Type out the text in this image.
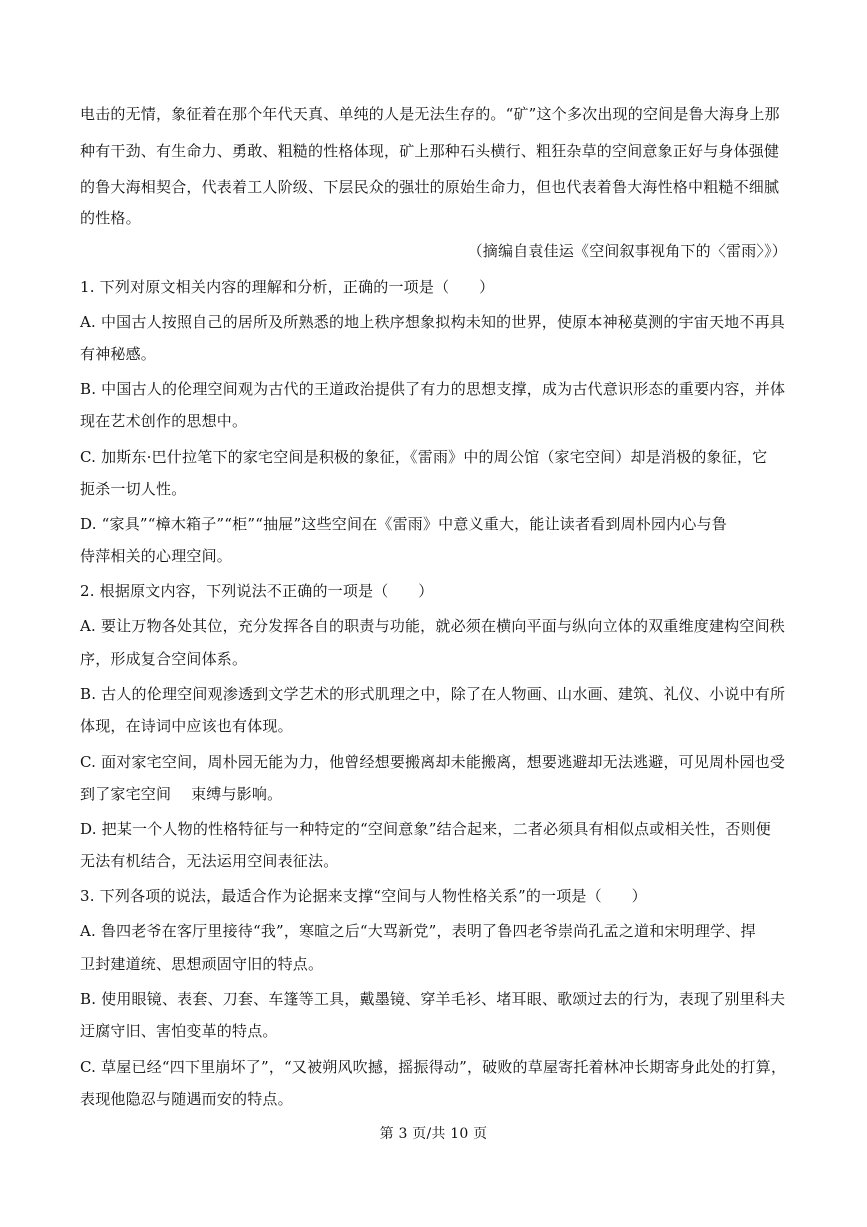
电击的无情，象征着在那个年代天真、单纯的人是无法生存的。“矿”这个多次出现的空间是鲁大海身上那
种有干劲、有生命力、勇敢、粗糙的性格体现，矿上那种石头横行、粗狂杂草的空间意象正好与身体强健
的鲁大海相契合，代表着工人阶级、下层民众的强壮的原始生命力，但也代表着鲁大海性格中粗糙不细腻
的性格。
（摘编自袁佳运《空间叙事视角下的〈雷雨〉》）
1. 下列对原文相关内容的理解和分析，正确的一项是（      ）
A. 中国古人按照自己的居所及所熟悉的地上秩序想象拟构未知的世界，使原本神秘莫测的宇宙天地不再具
有神秘感。
B. 中国古人的伦理空间观为古代的王道政治提供了有力的思想支撑，成为古代意识形态的重要内容，并体
现在艺术创作的思想中。
C. 加斯东·巴什拉笔下的家宅空间是积极的象征，《雷雨》中的周公馆（家宅空间）却是消极的象征，它
扼杀一切人性。
D. “家具”“樟木箱子”“柜”“抽屉”这些空间在《雷雨》中意义重大，能让读者看到周朴园内心与鲁
侍萍相关的心理空间。
2. 根据原文内容，下列说法不正确的一项是（      ）
A. 要让万物各处其位，充分发挥各自的职责与功能，就必须在横向平面与纵向立体的双重维度建构空间秩
序，形成复合空间体系。
B. 古人的伦理空间观渗透到文学艺术的形式肌理之中，除了在人物画、山水画、建筑、礼仪、小说中有所
体现，在诗词中应该也有体现。
C. 面对家宅空间，周朴园无能为力，他曾经想要搬离却未能搬离，想要逃避却无法逃避，可见周朴园也受
到了家宅空间    束缚与影响。
D. 把某一个人物的性格特征与一种特定的“空间意象”结合起来，二者必须具有相似点或相关性，否则便
无法有机结合，无法运用空间表征法。
3. 下列各项的说法，最适合作为论据来支撑“空间与人物性格关系”的一项是（      ）
A. 鲁四老爷在客厅里接待“我”，寒暄之后“大骂新党”，表明了鲁四老爷崇尚孔孟之道和宋明理学、捍
卫封建道统、思想顽固守旧的特点。
B. 使用眼镜、表套、刀套、车篷等工具，戴墨镜、穿羊毛衫、堵耳眼、歌颂过去的行为，表现了别里科夫
迂腐守旧、害怕变革的特点。
C. 草屋已经“四下里崩坏了”，“又被朔风吹撼，摇振得动”，破败的草屋寄托着林冲长期寄身此处的打算，
表现他隐忍与随遇而安的特点。
第 3 页/共 10 页
